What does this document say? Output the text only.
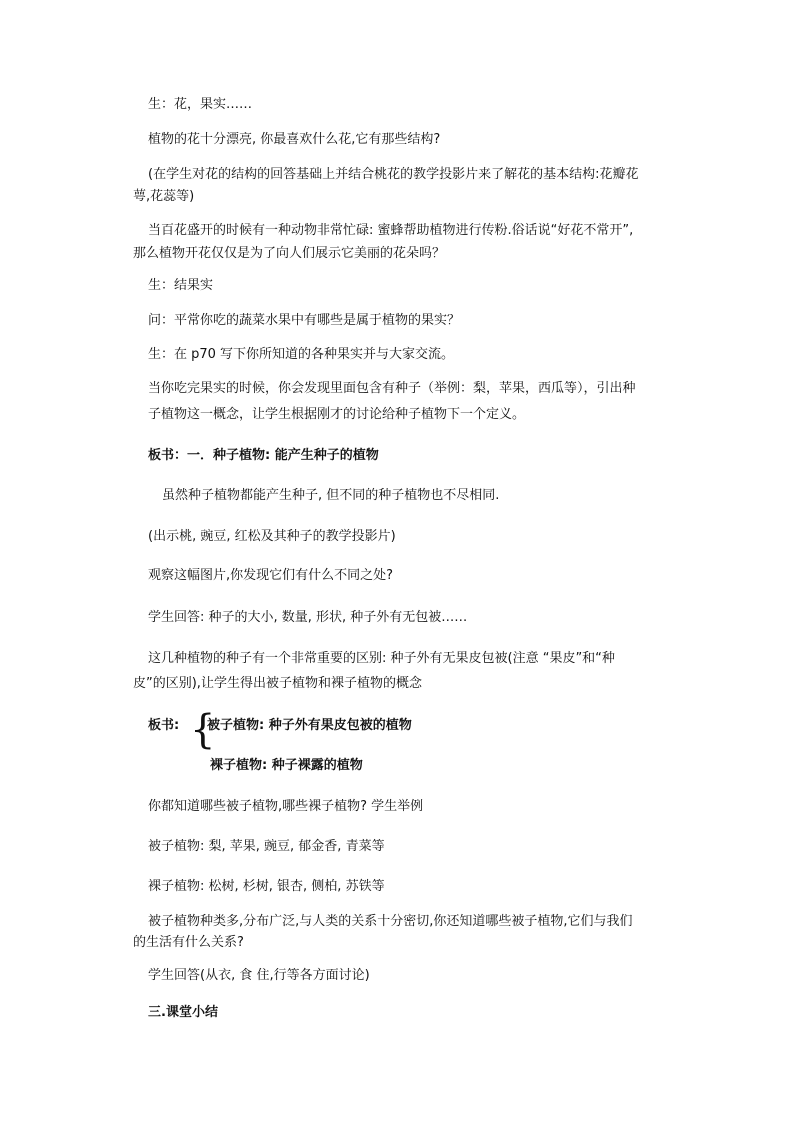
生：花，果实……
植物的花十分漂亮, 你最喜欢什么花,它有那些结构?
(在学生对花的结构的回答基础上并结合桃花的教学投影片来了解花的基本结构:花瓣花
萼,花蕊等)
当百花盛开的时候有一种动物非常忙碌: 蜜蜂帮助植物进行传粉.俗话说“好花不常开”,
那么植物开花仅仅是为了向人们展示它美丽的花朵吗？
生：结果实
问：平常你吃的蔬菜水果中有哪些是属于植物的果实？
生：在 p70 写下你所知道的各种果实并与大家交流。
当你吃完果实的时候，你会发现里面包含有种子（举例：梨，苹果，西瓜等），引出种
子植物这一概念，让学生根据刚才的讨论给种子植物下一个定义。
板书：一．种子植物: 能产生种子的植物
虽然种子植物都能产生种子, 但不同的种子植物也不尽相同.
(出示桃, 豌豆, 红松及其种子的教学投影片)
观察这幅图片,你发现它们有什么不同之处?
学生回答: 种子的大小, 数量, 形状, 种子外有无包被……
这几种植物的种子有一个非常重要的区别: 种子外有无果皮包被(注意 “果皮”和“种
皮”的区别),让学生得出被子植物和裸子植物的概念
板书: {
被子植物: 种子外有果皮包被的植物
裸子植物: 种子裸露的植物
你都知道哪些被子植物,哪些裸子植物? 学生举例
被子植物: 梨, 苹果, 豌豆, 郁金香, 青菜等
裸子植物: 松树, 杉树, 银杏, 侧柏, 苏铁等
被子植物种类多,分布广泛,与人类的关系十分密切,你还知道哪些被子植物,它们与我们
的生活有什么关系?
学生回答(从衣, 食 住,行等各方面讨论)
三.课堂小结
